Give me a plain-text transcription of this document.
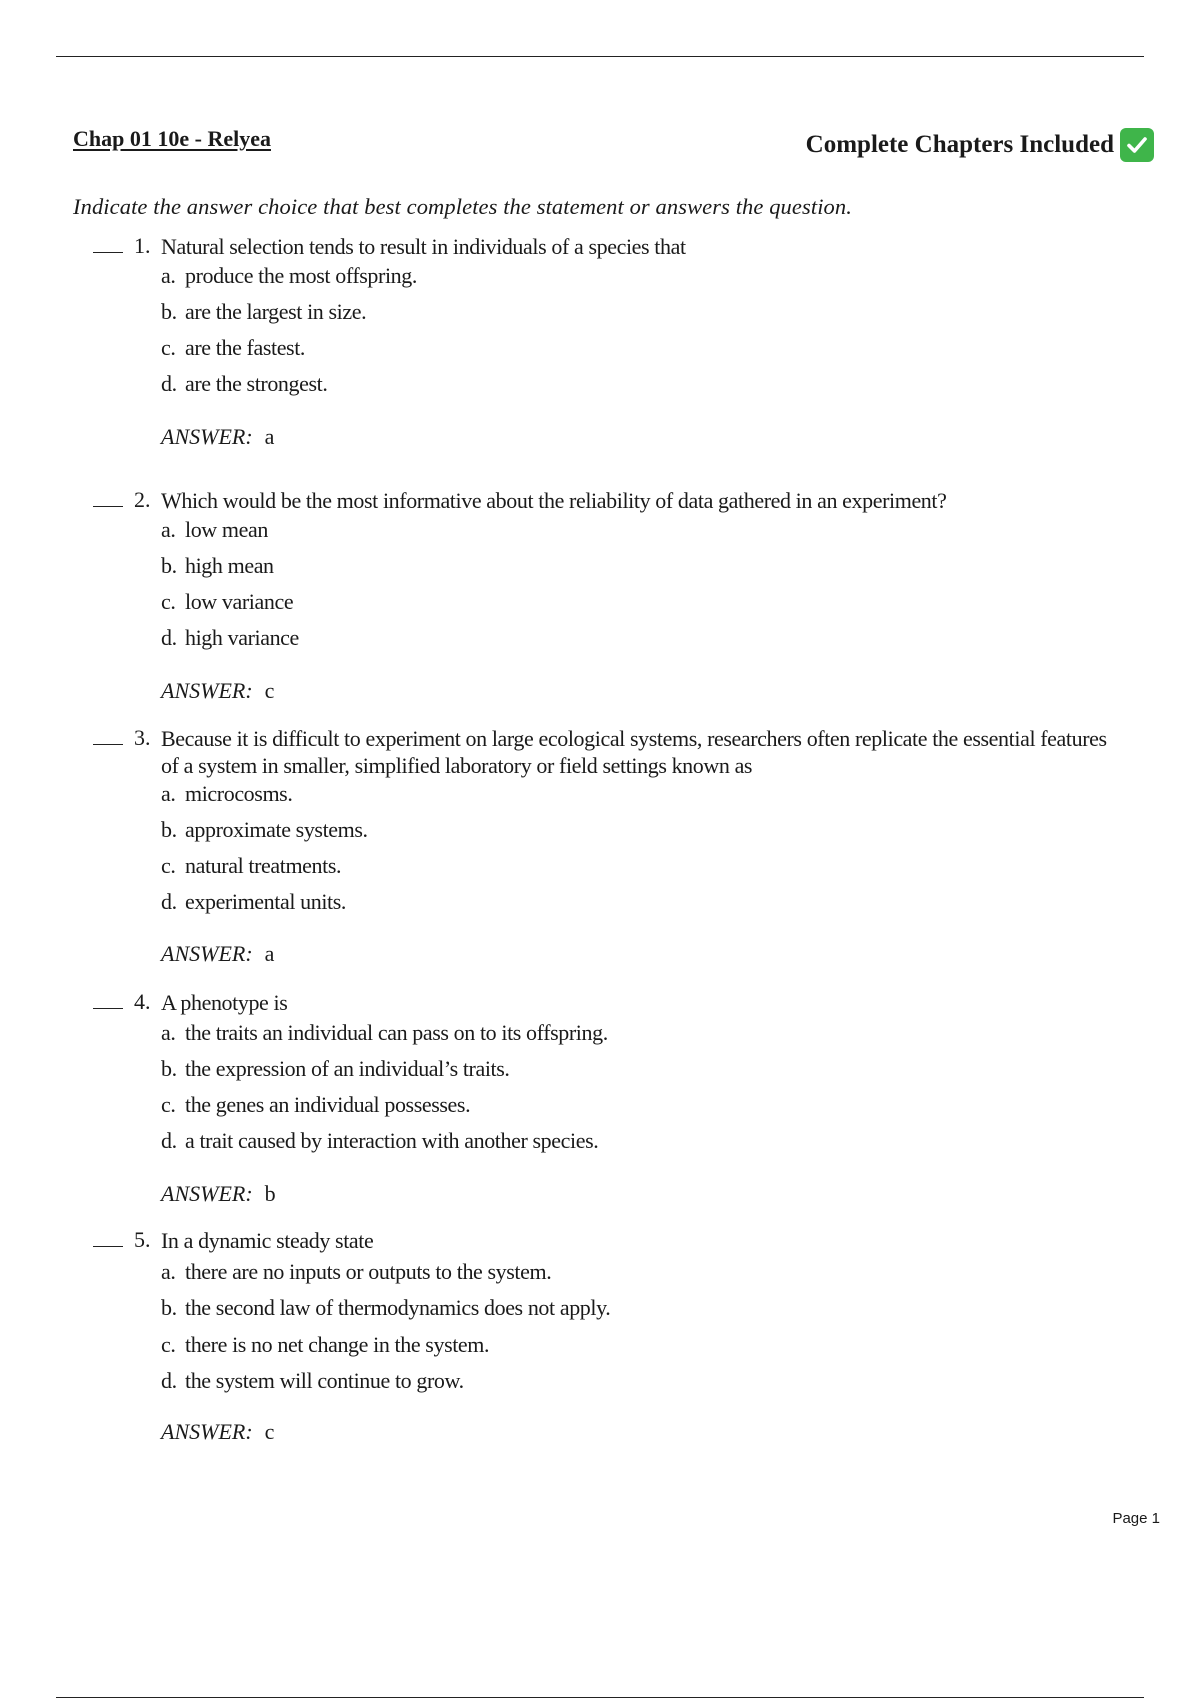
Chap 01 10e - Relyea	Complete Chapters Included
Indicate the answer choice that best completes the statement or answers the question.
1. Natural selection tends to result in individuals of a species that
a. produce the most offspring.
b. are the largest in size.
c. are the fastest.
d. are the strongest.
ANSWER: a
2. Which would be the most informative about the reliability of data gathered in an experiment?
a. low mean
b. high mean
c. low variance
d. high variance
ANSWER: c
3. Because it is difficult to experiment on large ecological systems, researchers often replicate the essential features of a system in smaller, simplified laboratory or field settings known as
a. microcosms.
b. approximate systems.
c. natural treatments.
d. experimental units.
ANSWER: a
4. A phenotype is
a. the traits an individual can pass on to its offspring.
b. the expression of an individual’s traits.
c. the genes an individual possesses.
d. a trait caused by interaction with another species.
ANSWER: b
5. In a dynamic steady state
a. there are no inputs or outputs to the system.
b. the second law of thermodynamics does not apply.
c. there is no net change in the system.
d. the system will continue to grow.
ANSWER: c
Page 1
